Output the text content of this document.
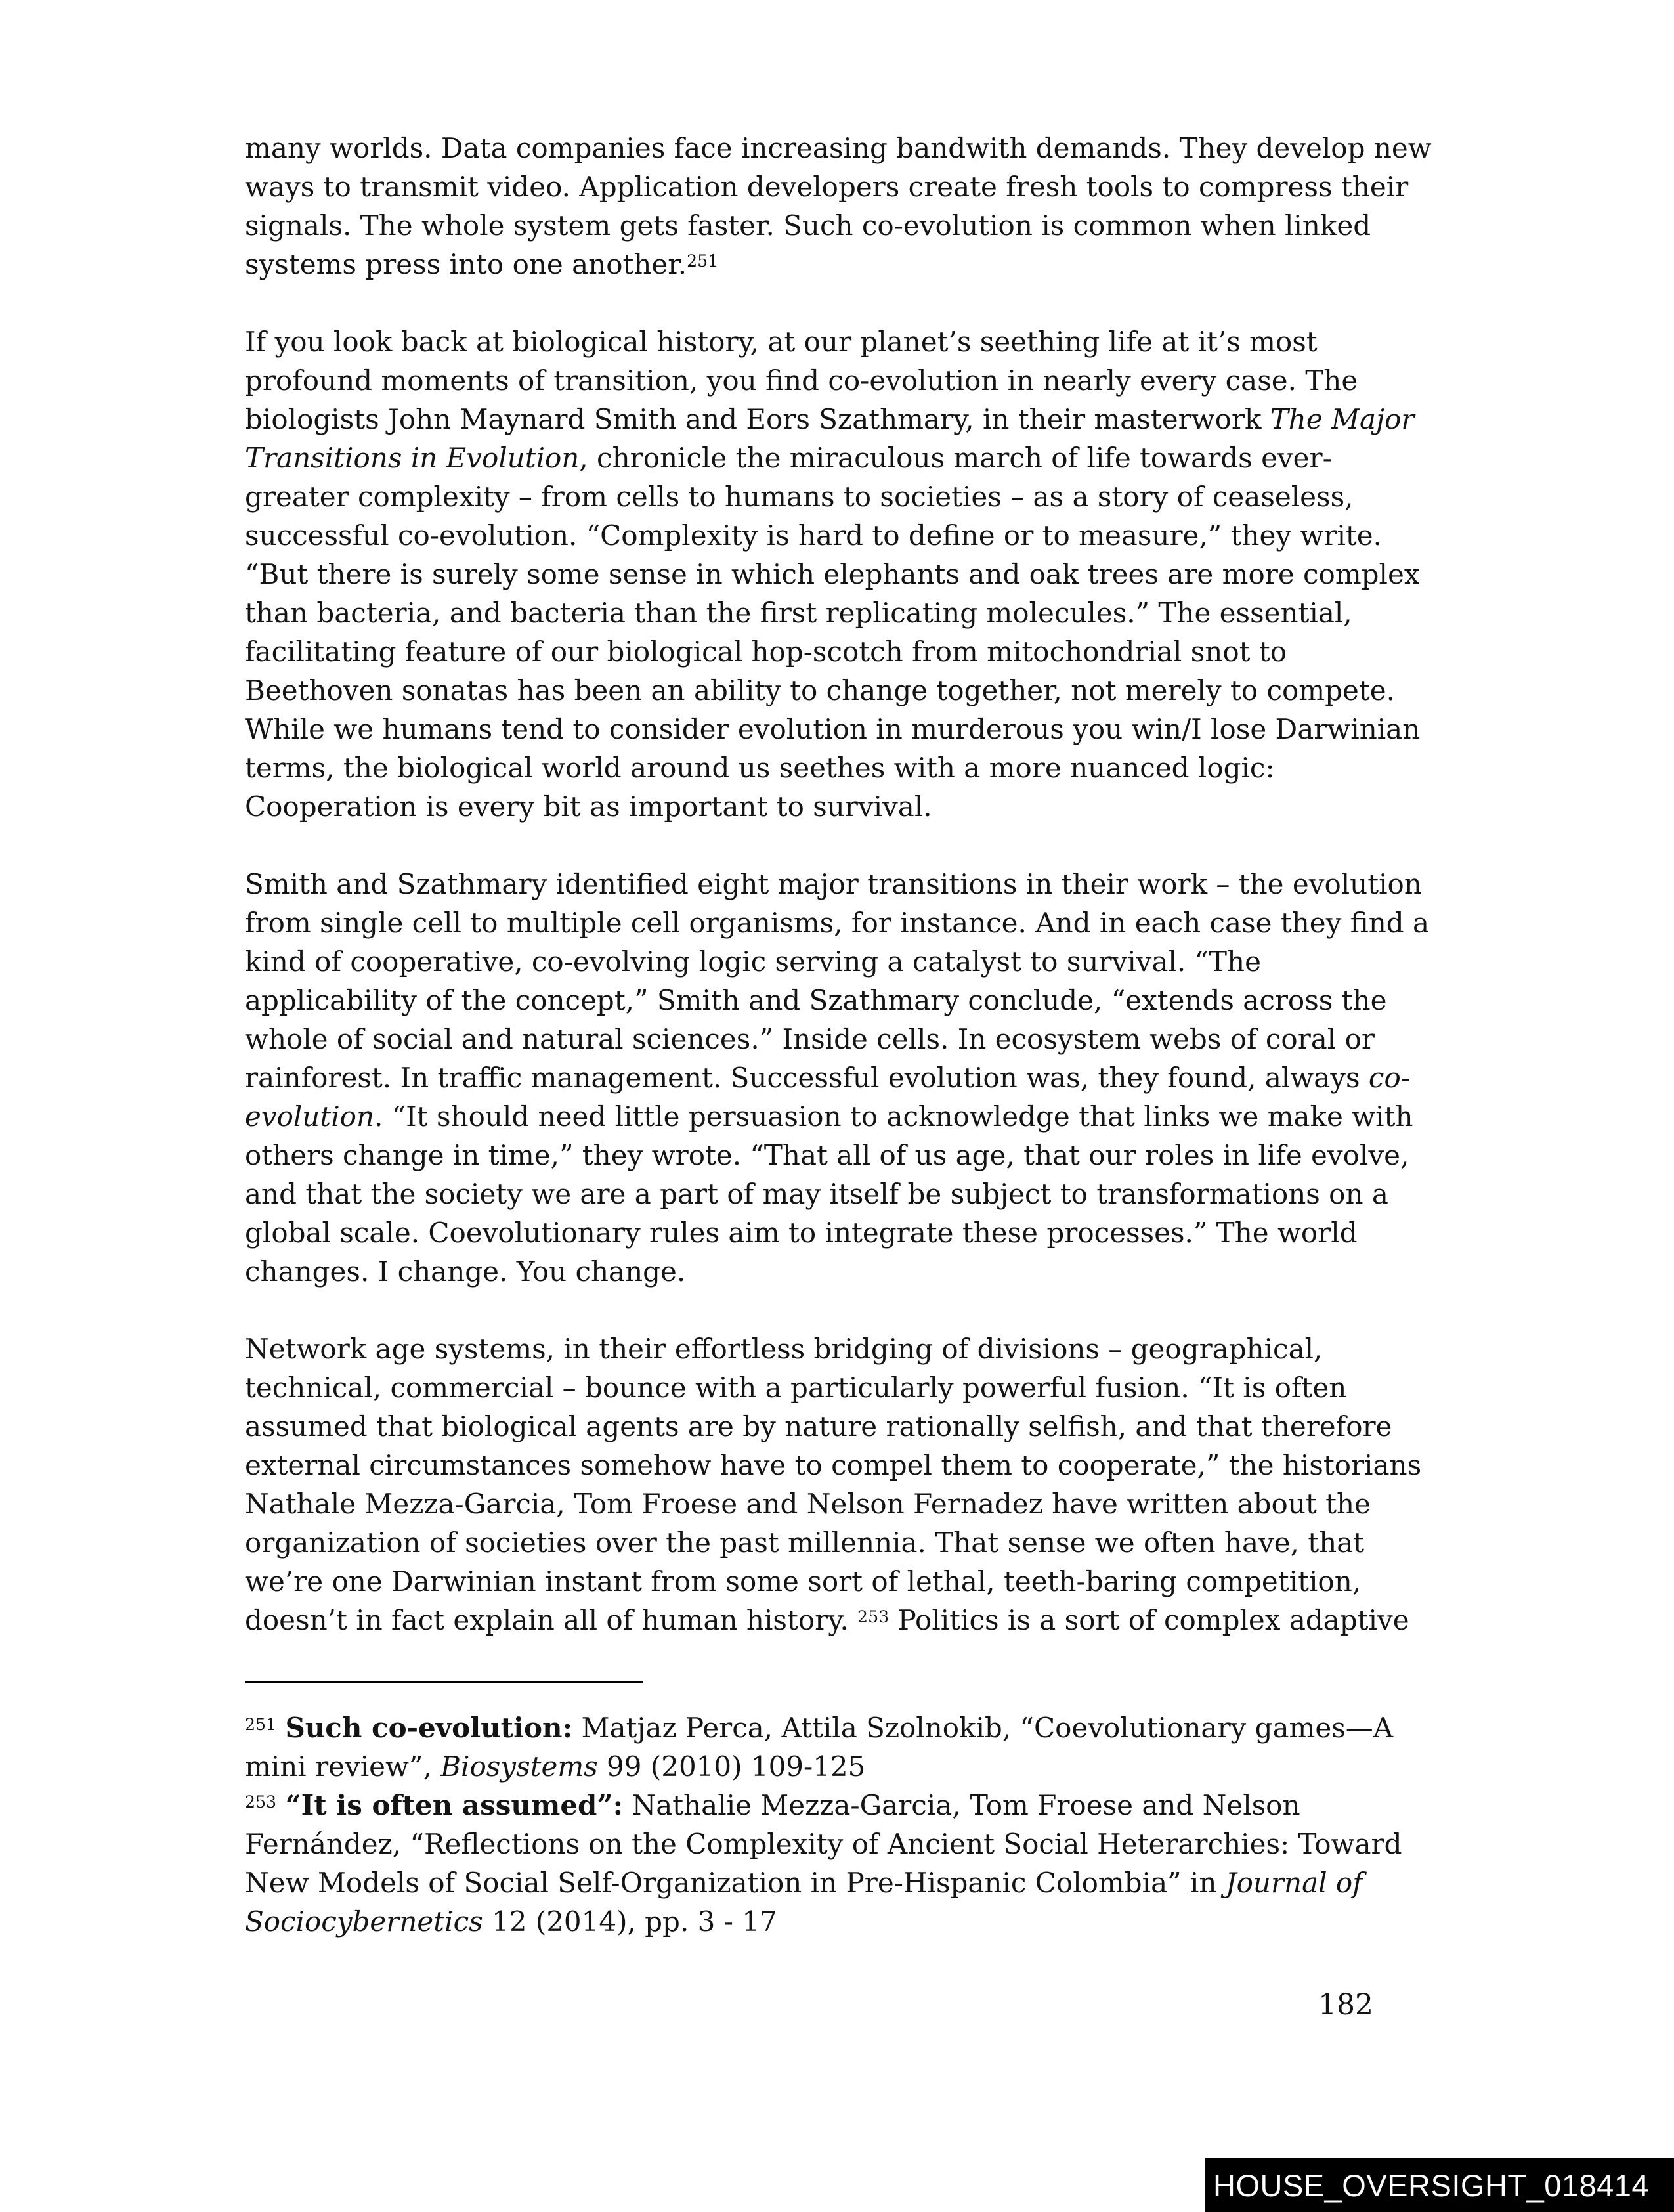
many worlds. Data companies face increasing bandwith demands. They develop new ways to transmit video. Application developers create fresh tools to compress their signals. The whole system gets faster. Such co-evolution is common when linked systems press into one another.$^{251}$

If you look back at biological history, at our planet’s seething life at it’s most profound moments of transition, you find co-evolution in nearly every case. The biologists John Maynard Smith and Eors Szathmary, in their masterwork The Major Transitions in Evolution, chronicle the miraculous march of life towards ever-greater complexity – from cells to humans to societies – as a story of ceaseless, successful co-evolution. “Complexity is hard to define or to measure,” they write. “But there is surely some sense in which elephants and oak trees are more complex than bacteria, and bacteria than the first replicating molecules.” The essential, facilitating feature of our biological hop-scotch from mitochondrial snot to Beethoven sonatas has been an ability to change together, not merely to compete. While we humans tend to consider evolution in murderous you win/I lose Darwinian terms, the biological world around us seethes with a more nuanced logic: Cooperation is every bit as important to survival.

Smith and Szathmary identified eight major transitions in their work – the evolution from single cell to multiple cell organisms, for instance. And in each case they find a kind of cooperative, co-evolving logic serving a catalyst to survival. “The applicability of the concept,” Smith and Szathmary conclude, “extends across the whole of social and natural sciences.” Inside cells. In ecosystem webs of coral or rainforest. In traffic management. Successful evolution was, they found, always co-evolution. “It should need little persuasion to acknowledge that links we make with others change in time,” they wrote. “That all of us age, that our roles in life evolve, and that the society we are a part of may itself be subject to transformations on a global scale. Coevolutionary rules aim to integrate these processes.” The world changes. I change. You change.

Network age systems, in their effortless bridging of divisions – geographical, technical, commercial – bounce with a particularly powerful fusion. “It is often assumed that biological agents are by nature rationally selfish, and that therefore external circumstances somehow have to compel them to cooperate,” the historians Nathale Mezza-Garcia, Tom Froese and Nelson Fernadez have written about the organization of societies over the past millennia. That sense we often have, that we’re one Darwinian instant from some sort of lethal, teeth-baring competition, doesn’t in fact explain all of human history. $^{253}$ Politics is a sort of complex adaptive

$^{251}$ Such co-evolution: Matjaz Perca, Attila Szolnokib, “Coevolutionary games—A mini review”, Biosystems 99 (2010) 109-125

$^{253}$ “It is often assumed”: Nathalie Mezza-Garcia, Tom Froese and Nelson Fernández, “Reflections on the Complexity of Ancient Social Heterarchies: Toward New Models of Social Self-Organization in Pre-Hispanic Colombia” in Journal of Sociocybernetics 12 (2014), pp. 3 - 17

182
HOUSE_OVERSIGHT_018414
